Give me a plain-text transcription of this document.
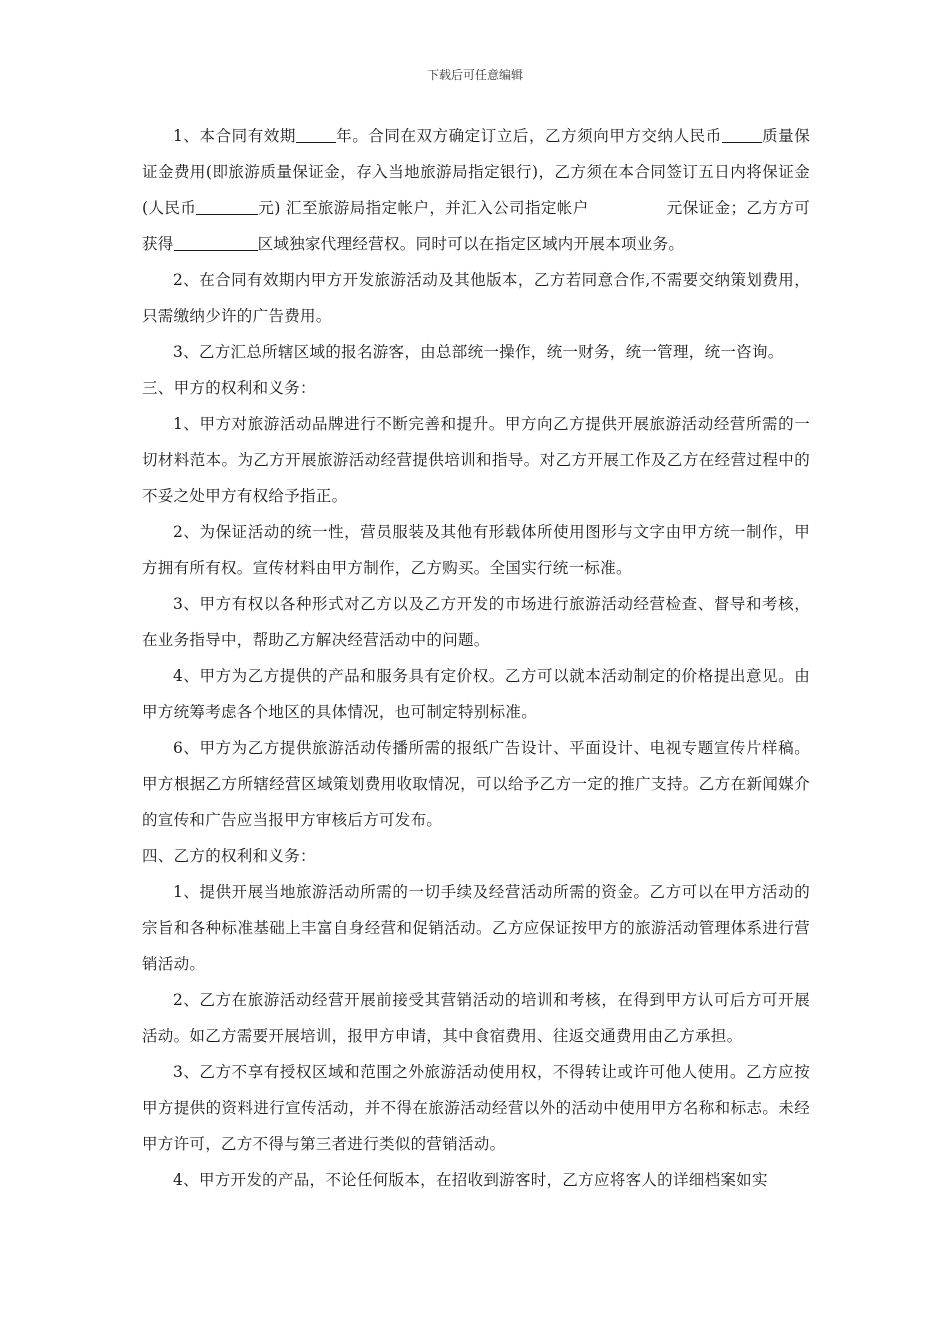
下载后可任意编辑

1、本合同有效期	年。合同在双方确定订立后，乙方须向甲方交纳人民币	质量保证金费用(即旅游质量保证金，存入当地旅游局指定银行)，乙方须在本合同签订五日内将保证金(人民币	元) 汇至旅游局指定帐户，并汇入公司指定帐户	元保证金；乙方方可获得	区域独家代理经营权。同时可以在指定区域内开展本项业务。

2、在合同有效期内甲方开发旅游活动及其他版本，乙方若同意合作,不需要交纳策划费用，只需缴纳少许的广告费用。

3、乙方汇总所辖区域的报名游客，由总部统一操作，统一财务，统一管理，统一咨询。

三、甲方的权利和义务：

1、甲方对旅游活动品牌进行不断完善和提升。甲方向乙方提供开展旅游活动经营所需的一切材料范本。为乙方开展旅游活动经营提供培训和指导。对乙方开展工作及乙方在经营过程中的不妥之处甲方有权给予指正。

2、为保证活动的统一性，营员服装及其他有形载体所使用图形与文字由甲方统一制作，甲方拥有所有权。宣传材料由甲方制作，乙方购买。全国实行统一标准。

3、甲方有权以各种形式对乙方以及乙方开发的市场进行旅游活动经营检查、督导和考核，在业务指导中，帮助乙方解决经营活动中的问题。

4、甲方为乙方提供的产品和服务具有定价权。乙方可以就本活动制定的价格提出意见。由甲方统筹考虑各个地区的具体情况，也可制定特别标准。

6、甲方为乙方提供旅游活动传播所需的报纸广告设计、平面设计、电视专题宣传片样稿。甲方根据乙方所辖经营区域策划费用收取情况，可以给予乙方一定的推广支持。乙方在新闻媒介的宣传和广告应当报甲方审核后方可发布。

四、乙方的权利和义务：

1、提供开展当地旅游活动所需的一切手续及经营活动所需的资金。乙方可以在甲方活动的宗旨和各种标准基础上丰富自身经营和促销活动。乙方应保证按甲方的旅游活动管理体系进行营销活动。

2、乙方在旅游活动经营开展前接受其营销活动的培训和考核，在得到甲方认可后方可开展活动。如乙方需要开展培训，报甲方申请，其中食宿费用、往返交通费用由乙方承担。

3、乙方不享有授权区域和范围之外旅游活动使用权，不得转让或许可他人使用。乙方应按甲方提供的资料进行宣传活动，并不得在旅游活动经营以外的活动中使用甲方名称和标志。未经甲方许可，乙方不得与第三者进行类似的营销活动。

4、甲方开发的产品，不论任何版本，在招收到游客时，乙方应将客人的详细档案如实
